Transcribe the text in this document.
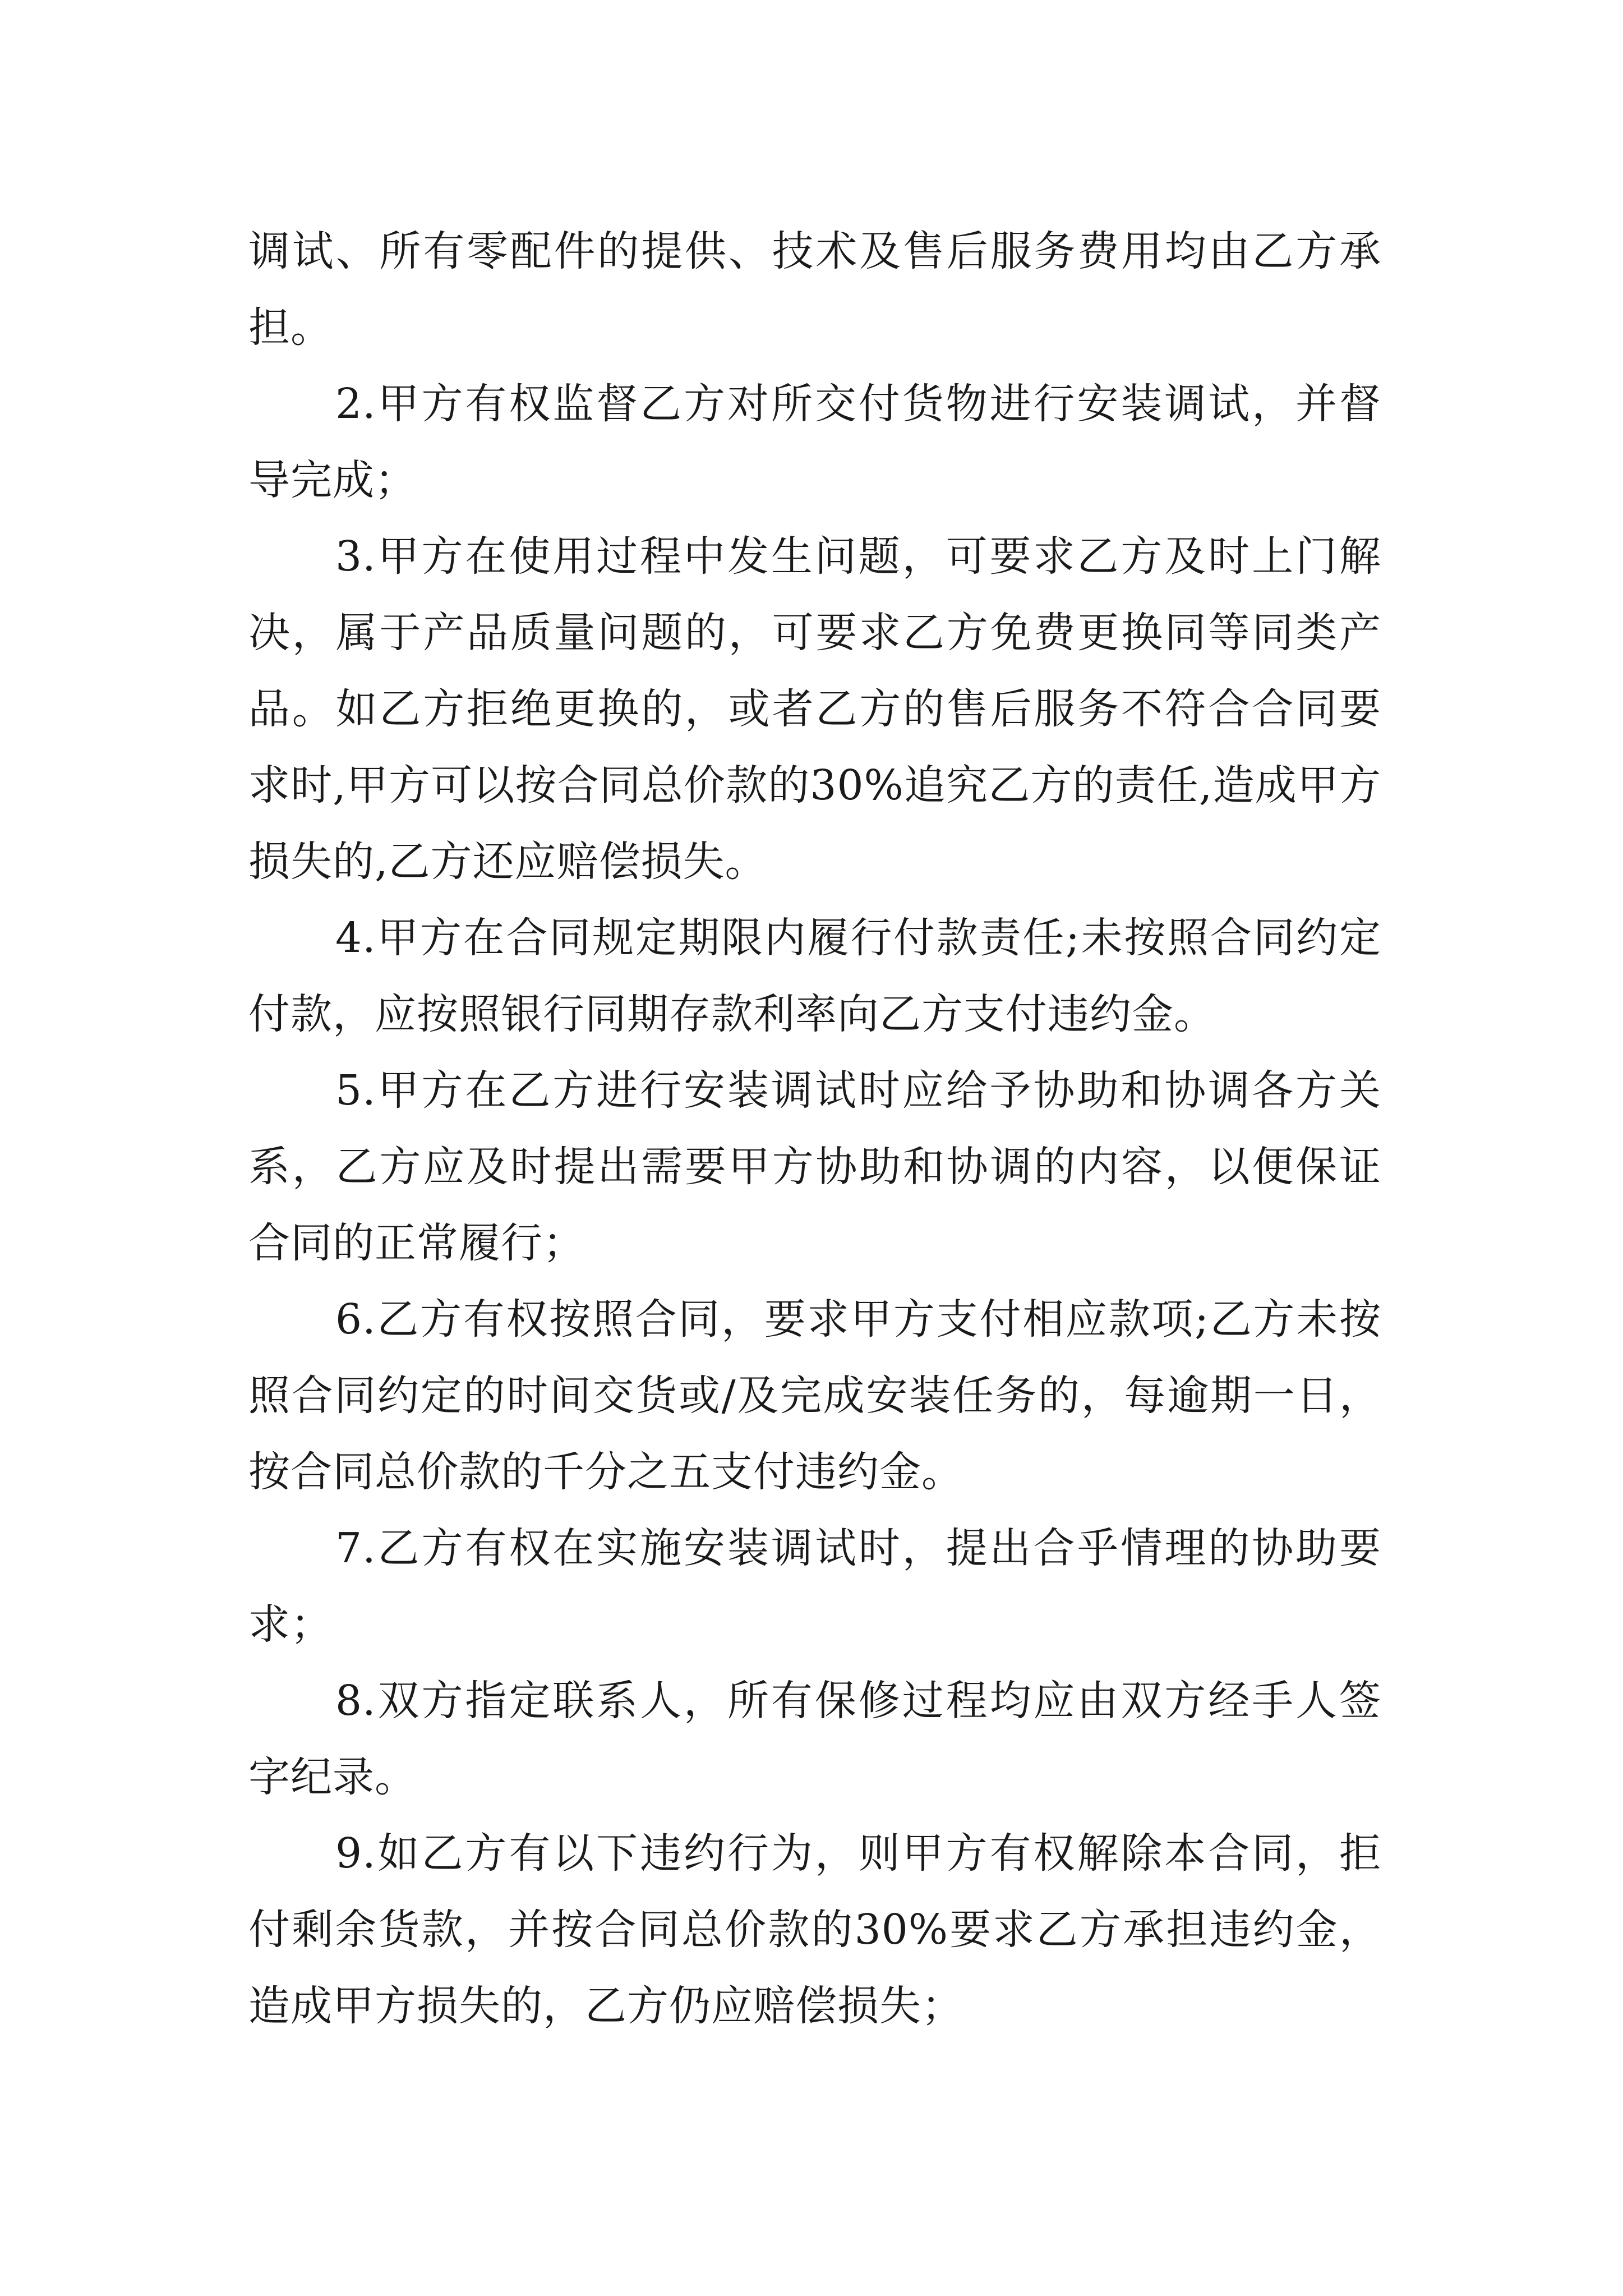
调试、所有零配件的提供、技术及售后服务费用均由乙方承担。

2.甲方有权监督乙方对所交付货物进行安装调试，并督导完成；

3.甲方在使用过程中发生问题，可要求乙方及时上门解决，属于产品质量问题的，可要求乙方免费更换同等同类产品。如乙方拒绝更换的，或者乙方的售后服务不符合合同要求时,甲方可以按合同总价款的30%追究乙方的责任,造成甲方损失的,乙方还应赔偿损失。

4.甲方在合同规定期限内履行付款责任;未按照合同约定付款，应按照银行同期存款利率向乙方支付违约金。

5.甲方在乙方进行安装调试时应给予协助和协调各方关系，乙方应及时提出需要甲方协助和协调的内容，以便保证合同的正常履行；

6.乙方有权按照合同，要求甲方支付相应款项;乙方未按照合同约定的时间交货或/及完成安装任务的，每逾期一日，按合同总价款的千分之五支付违约金。

7.乙方有权在实施安装调试时，提出合乎情理的协助要求；

8.双方指定联系人，所有保修过程均应由双方经手人签字纪录。

9.如乙方有以下违约行为，则甲方有权解除本合同，拒付剩余货款，并按合同总价款的30%要求乙方承担违约金，造成甲方损失的，乙方仍应赔偿损失；
